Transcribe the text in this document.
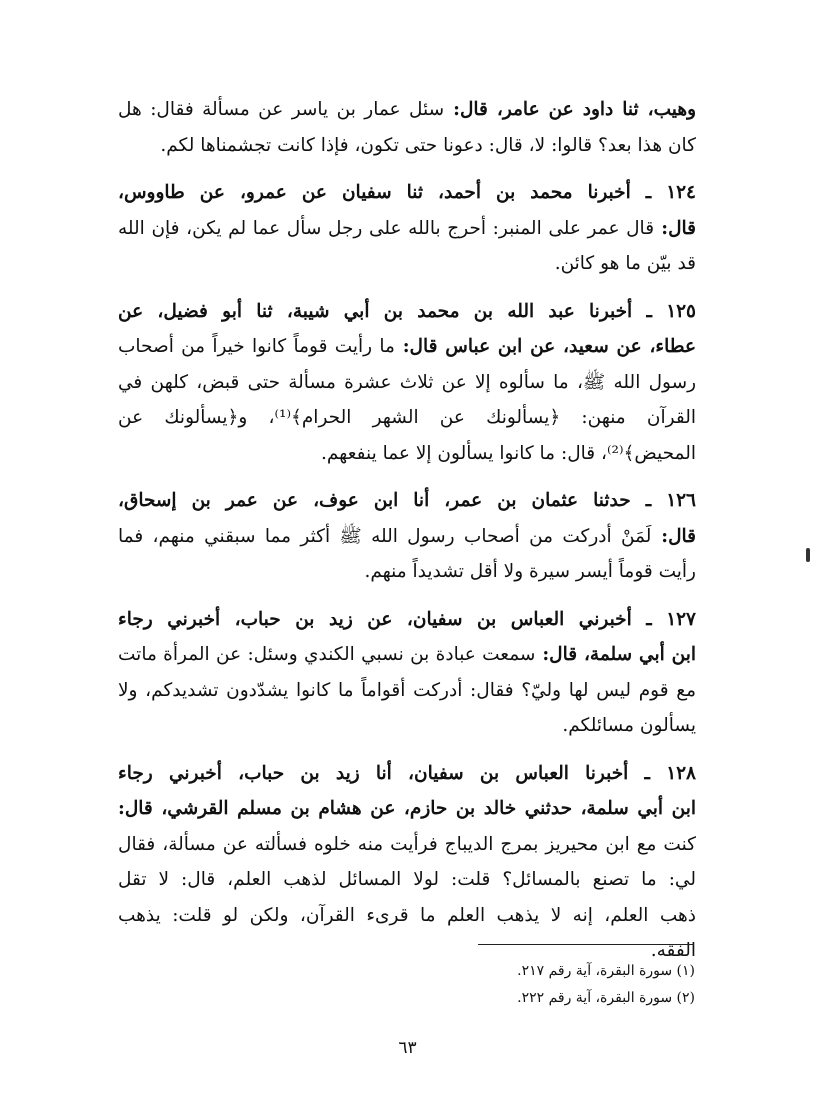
وهيب، ثنا داود عن عامر، قال: سئل عمار بن ياسر عن مسألة فقال: هل
كان هذا بعد؟ قالوا: لا، قال: دعونا حتى تكون، فإذا كانت تجشمناها لكم.
١٢٤ ـ أخبرنا محمد بن أحمد، ثنا سفيان عن عمرو، عن طاووس،
قال: قال عمر على المنبر: أحرج بالله على رجل سأل عما لم يكن، فإن الله
قد بيّن ما هو كائن.
١٢٥ ـ أخبرنا عبد الله بن محمد بن أبي شيبة، ثنا أبو فضيل، عن
عطاء، عن سعيد، عن ابن عباس قال: ما رأيت قوماً كانوا خيراً من أصحاب
رسول الله ﷺ، ما سألوه إلا عن ثلاث عشرة مسألة حتى قبض، كلهن في
القرآن منهن: ﴿يسألونك عن الشهر الحرام﴾⁽¹⁾، و﴿يسألونك عن
المحيض﴾⁽²⁾، قال: ما كانوا يسألون إلا عما ينفعهم.
١٢٦ ـ حدثنا عثمان بن عمر، أنا ابن عوف، عن عمر بن إسحاق،
قال: لَمَنْ أدركت من أصحاب رسول الله ﷺ أكثر مما سبقني منهم، فما
رأيت قوماً أيسر سيرة ولا أقل تشديداً منهم.
١٢٧ ـ أخبرني العباس بن سفيان، عن زيد بن حباب، أخبرني رجاء
ابن أبي سلمة، قال: سمعت عبادة بن نسبي الكندي وسئل: عن المرأة ماتت
مع قوم ليس لها وليّ؟ فقال: أدركت أقواماً ما كانوا يشدّدون تشديدكم، ولا
يسألون مسائلكم.
١٢٨ ـ أخبرنا العباس بن سفيان، أنا زيد بن حباب، أخبرني رجاء
ابن أبي سلمة، حدثني خالد بن حازم، عن هشام بن مسلم القرشي، قال:
كنت مع ابن محيريز بمرج الديباج فرأيت منه خلوه فسألته عن مسألة، فقال
لي: ما تصنع بالمسائل؟ قلت: لولا المسائل لذهب العلم، قال: لا تقل
ذهب العلم، إنه لا يذهب العلم ما قرىء القرآن، ولكن لو قلت: يذهب
الفقه.
(١) سورة البقرة، آية رقم ٢١٧.
(٢) سورة البقرة، آية رقم ٢٢٢.
٦٣
